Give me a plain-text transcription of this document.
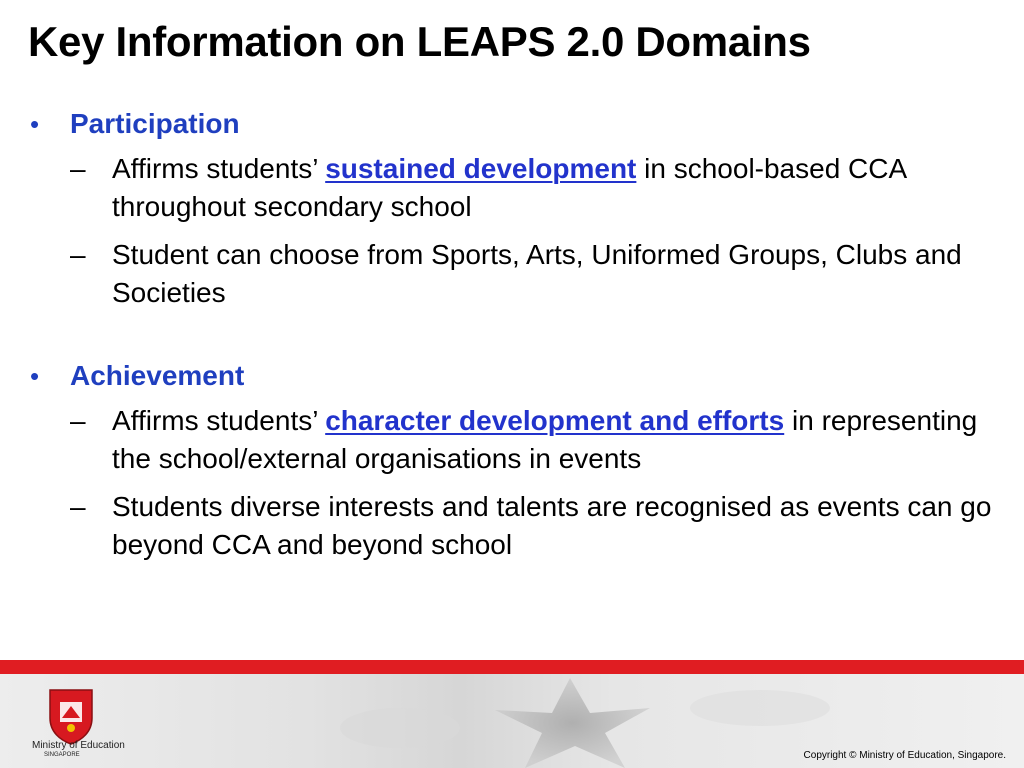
Key Information on LEAPS 2.0 Domains
•	Participation
– Affirms students’ sustained development in school-based CCA throughout secondary school
– Student can choose from Sports, Arts, Uniformed Groups, Clubs and Societies
•	Achievement
– Affirms students’ character development and efforts in representing the school/external organisations in events
– Students diverse interests and talents are recognised as events can go beyond CCA and beyond school
Ministry of Education
SINGAPORE	Copyright © Ministry of Education, Singapore.
